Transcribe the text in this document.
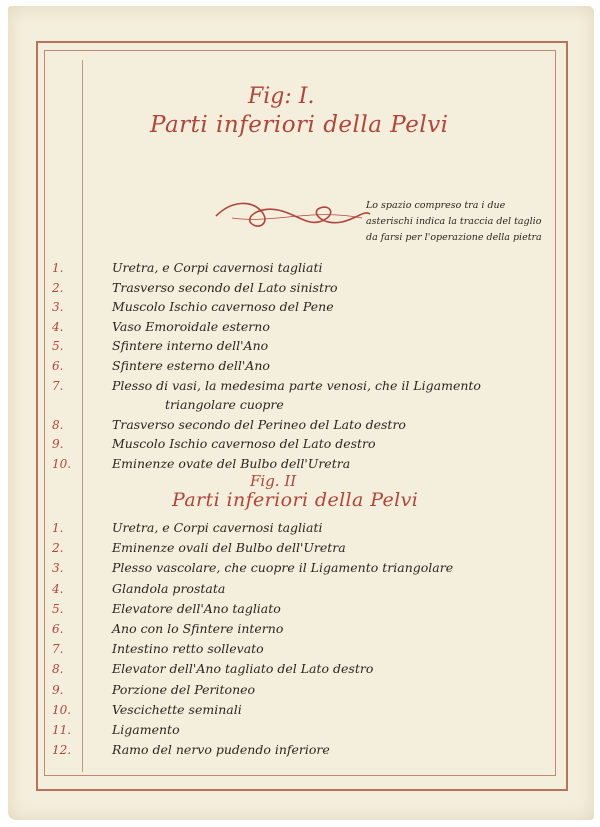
Fig: I.
Parti inferiori della Pelvi
Lo spazio compreso tra i due asterischi indica la traccia del taglio da farsi per l'operazione della pietra
1.	Uretra, e Corpi cavernosi tagliati
2.	Trasverso secondo del Lato sinistro
3.	Muscolo Ischio cavernoso del Pene
4.	Vaso Emoroidale esterno
5.	Sfintere interno dell'Ano
6.	Sfintere esterno dell'Ano
7.	Plesso di vasi, la medesima parte venosi, che il Ligamento
triangolare cuopre
8.	Trasverso secondo del Perineo del Lato destro
9.	Muscolo Ischio cavernoso del Lato destro
10.	Eminenze ovate del Bulbo dell'Uretra
Fig. II
Parti inferiori della Pelvi
1.	Uretra, e Corpi cavernosi tagliati
2.	Eminenze ovali del Bulbo dell'Uretra
3.	Plesso vascolare, che cuopre il Ligamento triangolare
4.	Glandola prostata
5.	Elevatore dell'Ano tagliato
6.	Ano con lo Sfintere interno
7.	Intestino retto sollevato
8.	Elevator dell'Ano tagliato del Lato destro
9.	Porzione del Peritoneo
10.	Vescichette seminali
11.	Ligamento
12.	Ramo del nervo pudendo inferiore
